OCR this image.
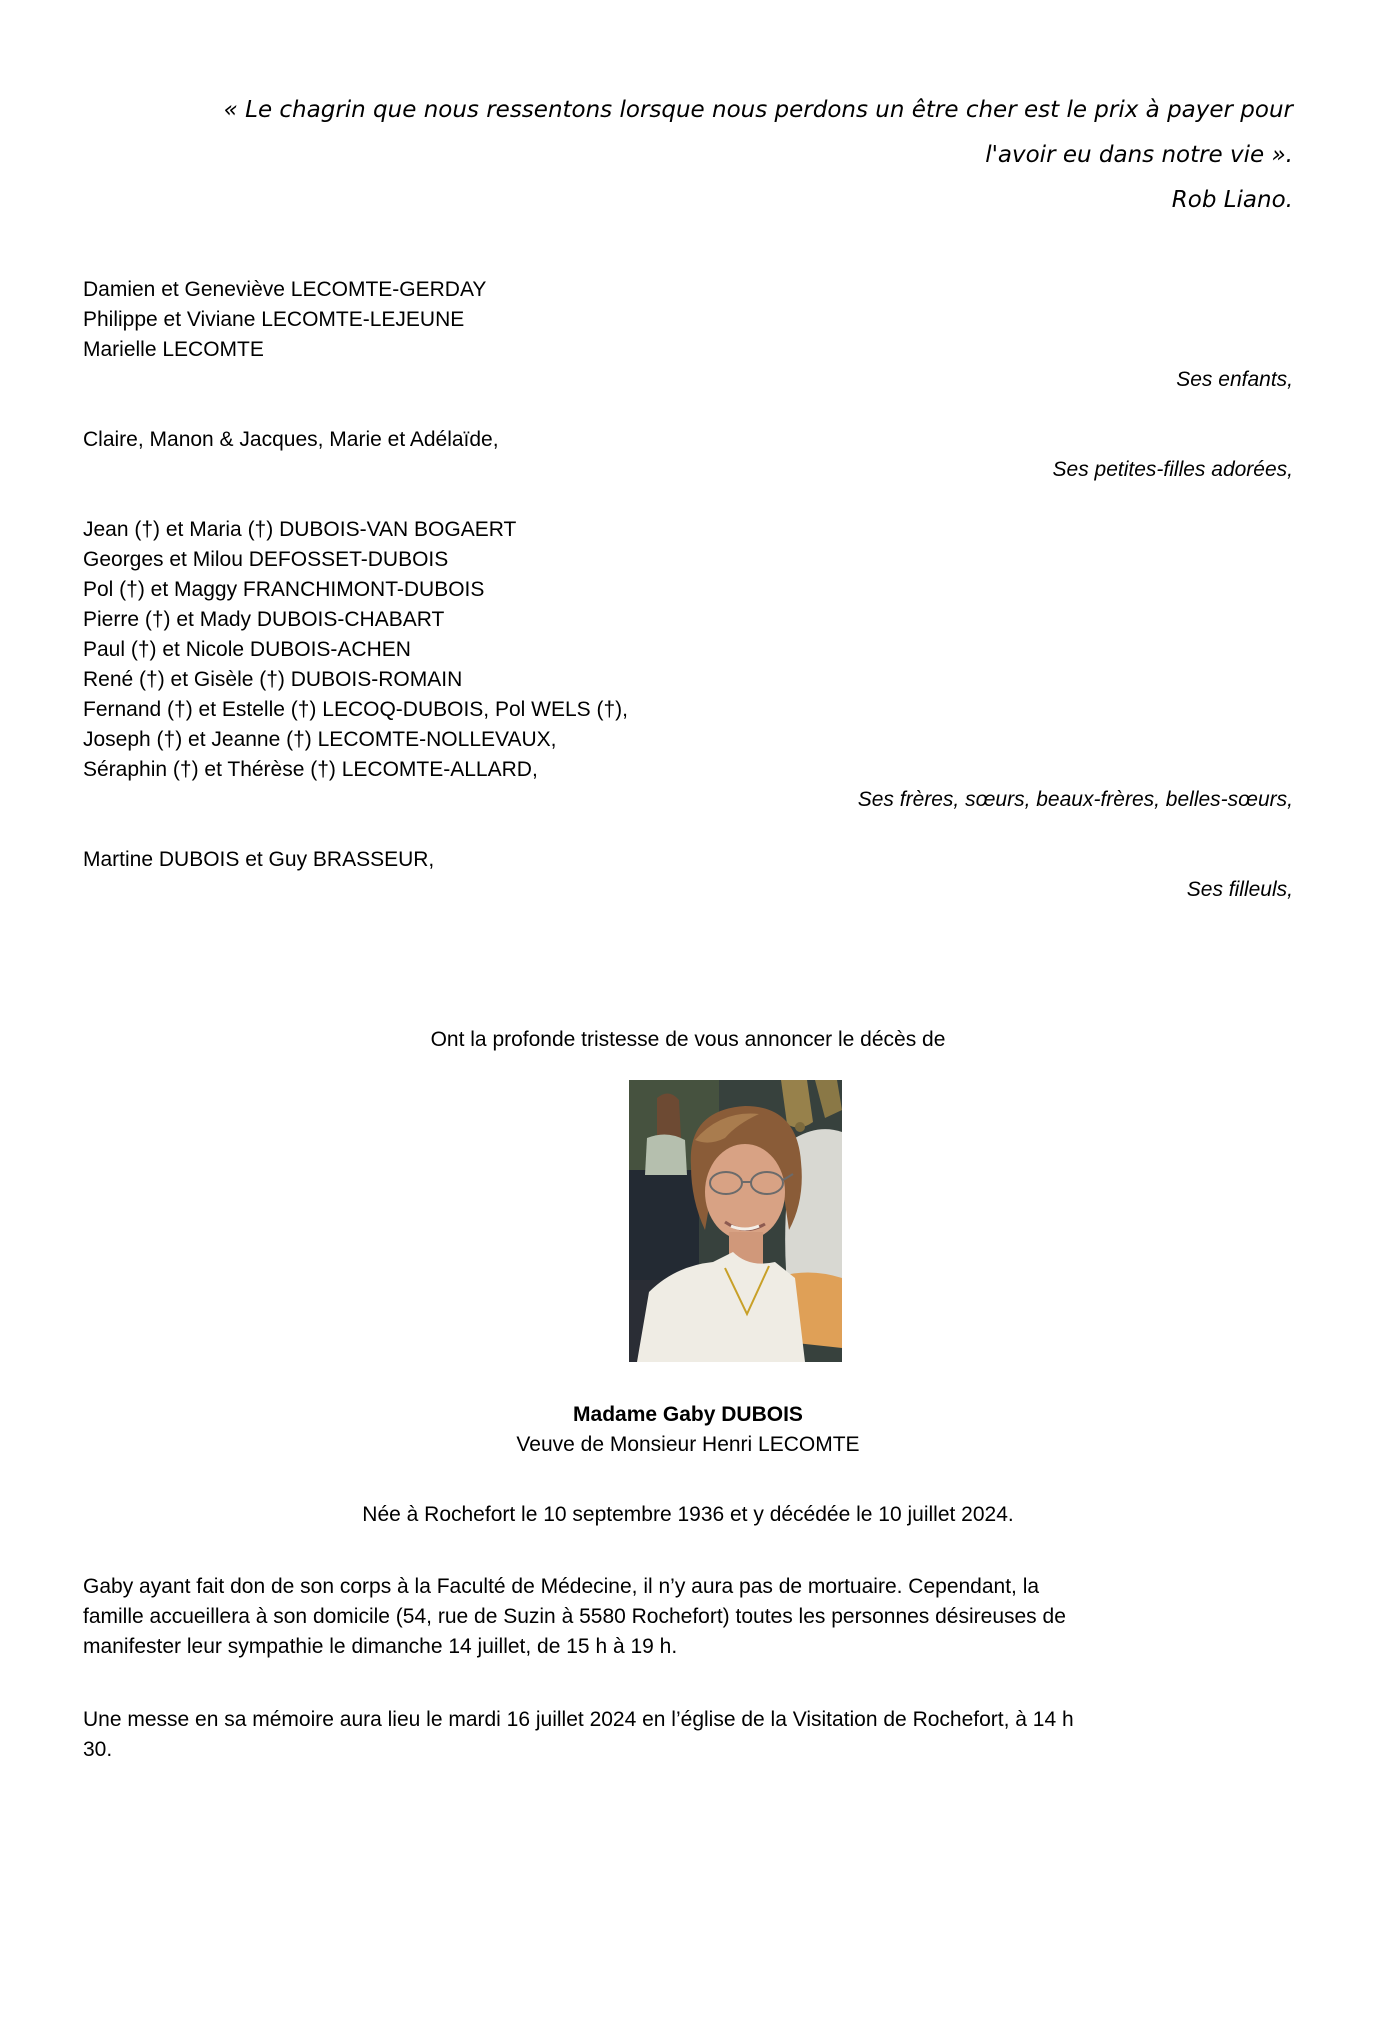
« Le chagrin que nous ressentons lorsque nous perdons un être cher est le prix à payer pour
l'avoir eu dans notre vie ».
Rob Liano.
Damien et Geneviève LECOMTE-GERDAY
Philippe et Viviane LECOMTE-LEJEUNE
Marielle LECOMTE
Ses enfants,
Claire, Manon & Jacques, Marie et Adélaïde,
Ses petites-filles adorées,
Jean (†) et Maria (†) DUBOIS-VAN BOGAERT
Georges et Milou DEFOSSET-DUBOIS
Pol (†) et Maggy FRANCHIMONT-DUBOIS
Pierre (†) et Mady DUBOIS-CHABART
Paul (†) et Nicole DUBOIS-ACHEN
René (†) et Gisèle (†) DUBOIS-ROMAIN
Fernand (†) et Estelle (†) LECOQ-DUBOIS, Pol WELS (†),
Joseph (†) et Jeanne (†) LECOMTE-NOLLEVAUX,
Séraphin (†) et Thérèse (†) LECOMTE-ALLARD,
Ses frères, sœurs, beaux-frères, belles-sœurs,
Martine DUBOIS et Guy BRASSEUR,
Ses filleuls,
Ont la profonde tristesse de vous annoncer le décès de
Madame Gaby DUBOIS
Veuve de Monsieur Henri LECOMTE
Née à Rochefort le 10 septembre 1936 et y décédée le 10 juillet 2024.
Gaby ayant fait don de son corps à la Faculté de Médecine, il n’y aura pas de mortuaire. Cependant, la
famille accueillera à son domicile (54, rue de Suzin à 5580 Rochefort) toutes les personnes désireuses de
manifester leur sympathie le dimanche 14 juillet, de 15 h à 19 h.
Une messe en sa mémoire aura lieu le mardi 16 juillet 2024 en l’église de la Visitation de Rochefort, à 14 h
30.
